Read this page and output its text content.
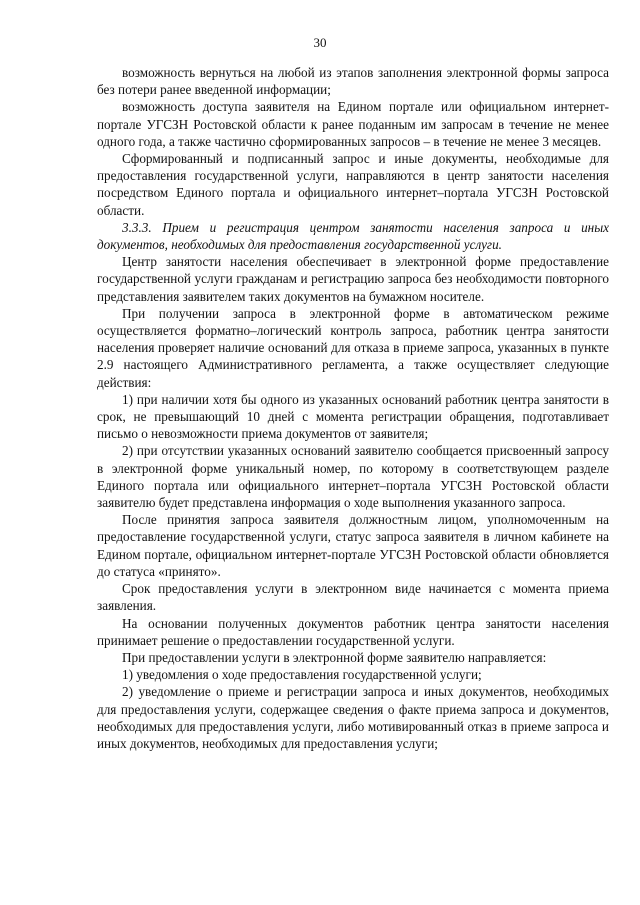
30

возможность вернуться на любой из этапов заполнения электронной формы запроса без потери ранее введенной информации;

возможность доступа заявителя на Едином портале или официальном интернет-портале УГСЗН Ростовской области к ранее поданным им запросам в течение не менее одного года, а также частично сформированных запросов – в течение не менее 3 месяцев.

Сформированный и подписанный запрос и иные документы, необходимые для предоставления государственной услуги, направляются в центр занятости населения посредством Единого портала и официального интернет–портала УГСЗН Ростовской области.

3.3.3. Прием и регистрация центром занятости населения запроса и иных документов, необходимых для предоставления государственной услуги.

Центр занятости населения обеспечивает в электронной форме предоставление государственной услуги гражданам и регистрацию запроса без необходимости повторного представления заявителем таких документов на бумажном носителе.

При получении запроса в электронной форме в автоматическом режиме осуществляется форматно–логический контроль запроса, работник центра занятости населения проверяет наличие оснований для отказа в приеме запроса, указанных в пункте 2.9 настоящего Административного регламента, а также осуществляет следующие действия:

1) при наличии хотя бы одного из указанных оснований работник центра занятости в срок, не превышающий 10 дней с момента регистрации обращения, подготавливает письмо о невозможности приема документов от заявителя;

2) при отсутствии указанных оснований заявителю сообщается присвоенный запросу в электронной форме уникальный номер, по которому в соответствующем разделе Единого портала или официального интернет–портала УГСЗН Ростовской области заявителю будет представлена информация о ходе выполнения указанного запроса.

После принятия запроса заявителя должностным лицом, уполномоченным на предоставление государственной услуги, статус запроса заявителя в личном кабинете на Едином портале, официальном интернет-портале УГСЗН Ростовской области обновляется до статуса «принято».

Срок предоставления услуги в электронном виде начинается с момента приема заявления.

На основании полученных документов работник центра занятости населения принимает решение о предоставлении государственной услуги.

При предоставлении услуги в электронной форме заявителю направляется:

1) уведомления о ходе предоставления государственной услуги;

2) уведомление о приеме и регистрации запроса и иных документов, необходимых для предоставления услуги, содержащее сведения о факте приема запроса и документов, необходимых для предоставления услуги, либо мотивированный отказ в приеме запроса и иных документов, необходимых для предоставления услуги;
